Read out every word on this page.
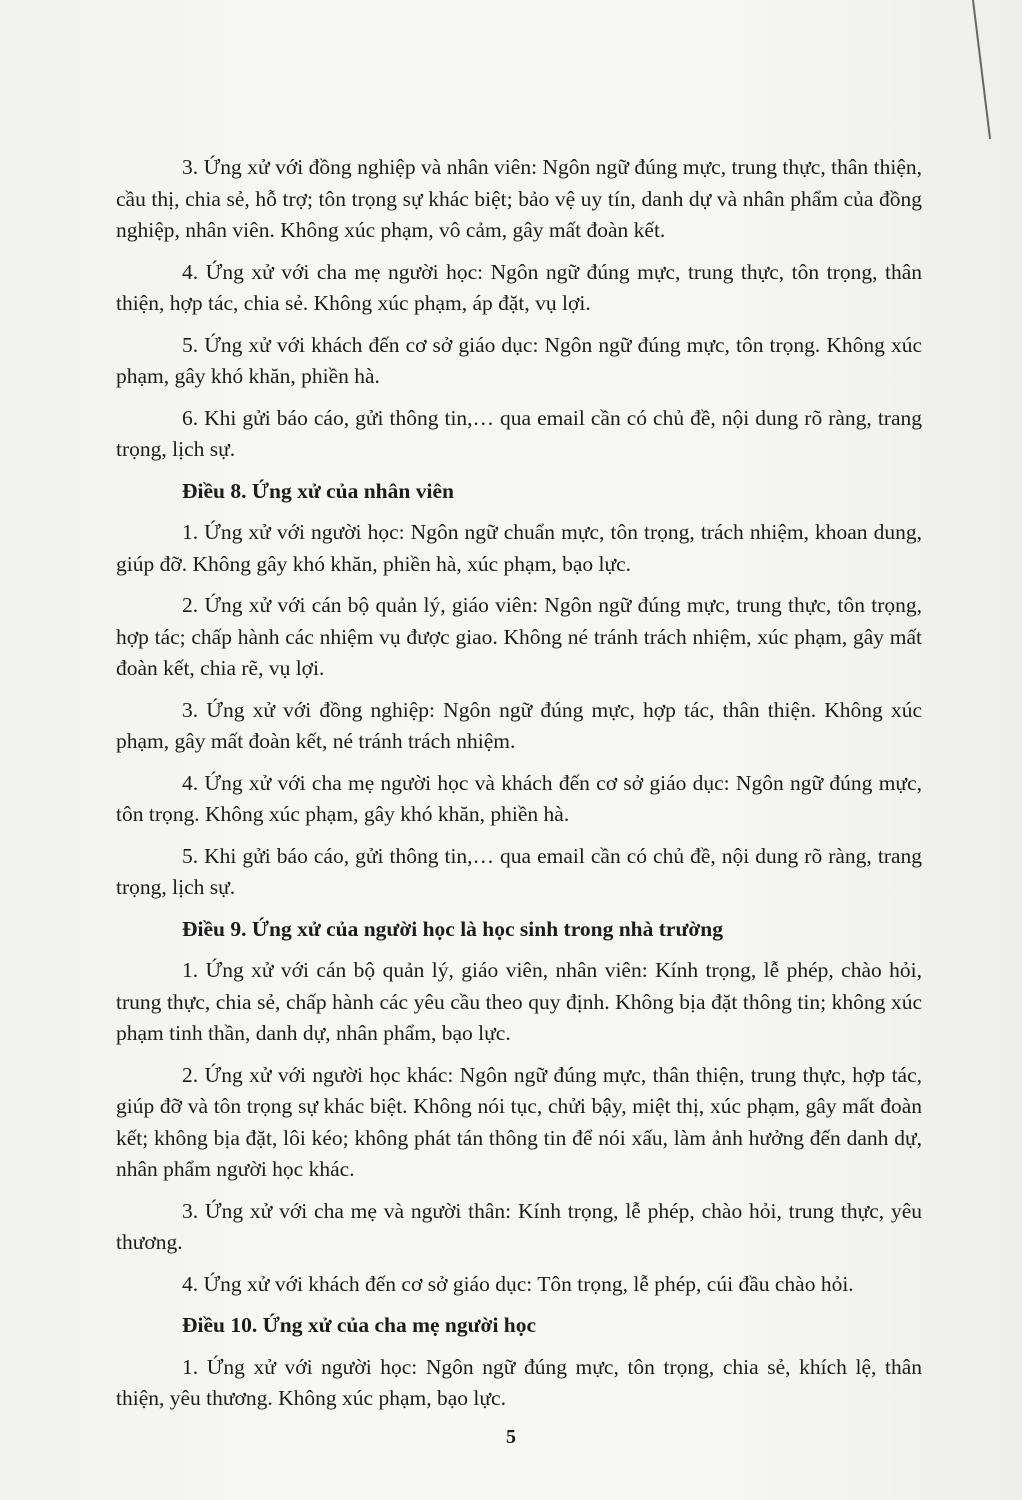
3. Ứng xử với đồng nghiệp và nhân viên: Ngôn ngữ đúng mực, trung thực, thân thiện, cầu thị, chia sẻ, hỗ trợ; tôn trọng sự khác biệt; bảo vệ uy tín, danh dự và nhân phẩm của đồng nghiệp, nhân viên. Không xúc phạm, vô cảm, gây mất đoàn kết.

4. Ứng xử với cha mẹ người học: Ngôn ngữ đúng mực, trung thực, tôn trọng, thân thiện, hợp tác, chia sẻ. Không xúc phạm, áp đặt, vụ lợi.

5. Ứng xử với khách đến cơ sở giáo dục: Ngôn ngữ đúng mực, tôn trọng. Không xúc phạm, gây khó khăn, phiền hà.

6. Khi gửi báo cáo, gửi thông tin,… qua email cần có chủ đề, nội dung rõ ràng, trang trọng, lịch sự.

Điều 8. Ứng xử của nhân viên

1. Ứng xử với người học: Ngôn ngữ chuẩn mực, tôn trọng, trách nhiệm, khoan dung, giúp đỡ. Không gây khó khăn, phiền hà, xúc phạm, bạo lực.

2. Ứng xử với cán bộ quản lý, giáo viên: Ngôn ngữ đúng mực, trung thực, tôn trọng, hợp tác; chấp hành các nhiệm vụ được giao. Không né tránh trách nhiệm, xúc phạm, gây mất đoàn kết, chia rẽ, vụ lợi.

3. Ứng xử với đồng nghiệp: Ngôn ngữ đúng mực, hợp tác, thân thiện. Không xúc phạm, gây mất đoàn kết, né tránh trách nhiệm.

4. Ứng xử với cha mẹ người học và khách đến cơ sở giáo dục: Ngôn ngữ đúng mực, tôn trọng. Không xúc phạm, gây khó khăn, phiền hà.

5. Khi gửi báo cáo, gửi thông tin,… qua email cần có chủ đề, nội dung rõ ràng, trang trọng, lịch sự.

Điều 9. Ứng xử của người học là học sinh trong nhà trường

1. Ứng xử với cán bộ quản lý, giáo viên, nhân viên: Kính trọng, lễ phép, chào hỏi, trung thực, chia sẻ, chấp hành các yêu cầu theo quy định. Không bịa đặt thông tin; không xúc phạm tinh thần, danh dự, nhân phẩm, bạo lực.

2. Ứng xử với người học khác: Ngôn ngữ đúng mực, thân thiện, trung thực, hợp tác, giúp đỡ và tôn trọng sự khác biệt. Không nói tục, chửi bậy, miệt thị, xúc phạm, gây mất đoàn kết; không bịa đặt, lôi kéo; không phát tán thông tin để nói xấu, làm ảnh hưởng đến danh dự, nhân phẩm người học khác.

3. Ứng xử với cha mẹ và người thân: Kính trọng, lễ phép, chào hỏi, trung thực, yêu thương.

4. Ứng xử với khách đến cơ sở giáo dục: Tôn trọng, lễ phép, cúi đầu chào hỏi.

Điều 10. Ứng xử của cha mẹ người học

1. Ứng xử với người học: Ngôn ngữ đúng mực, tôn trọng, chia sẻ, khích lệ, thân thiện, yêu thương. Không xúc phạm, bạo lực.

5
